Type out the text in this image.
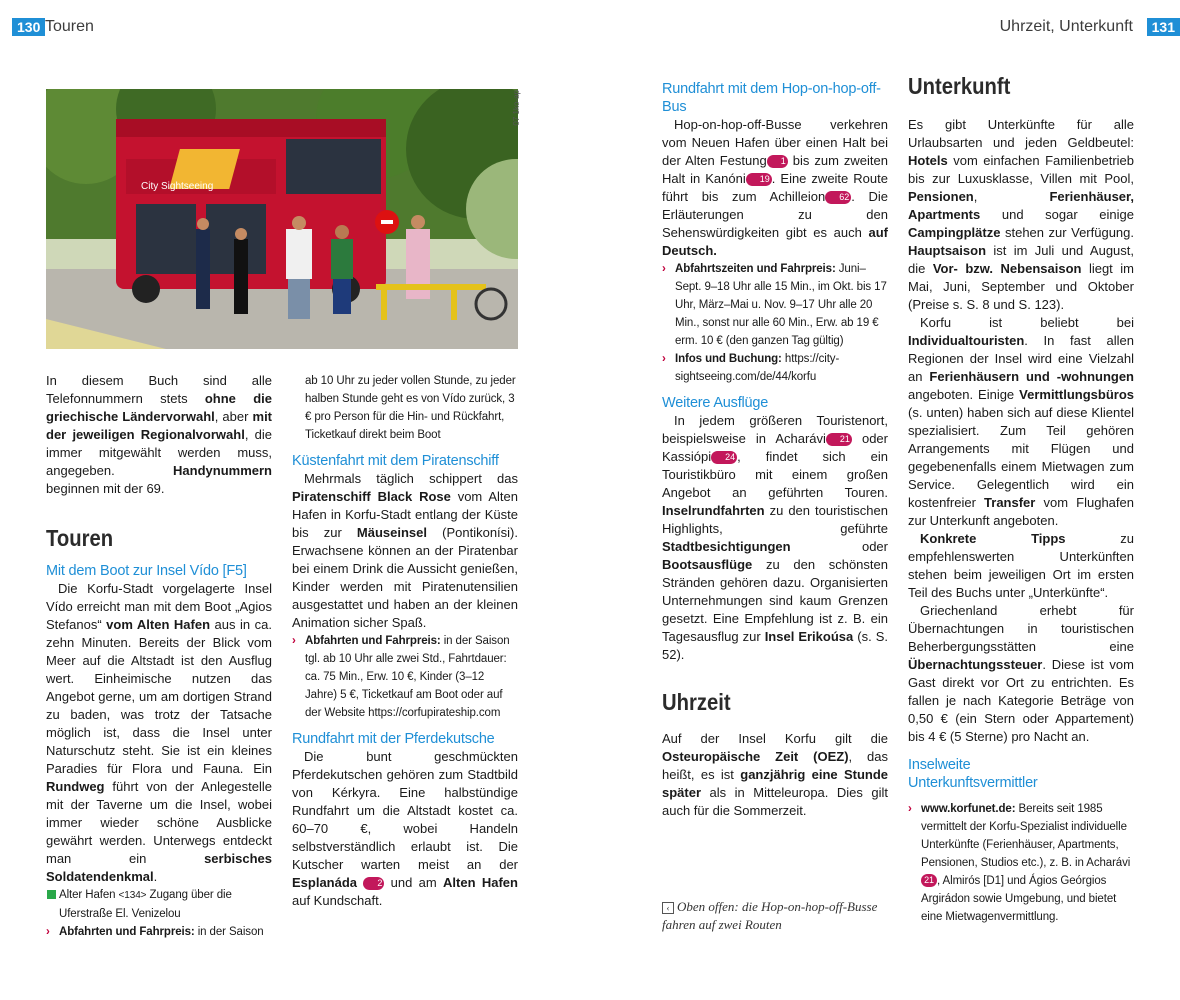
130 Touren	Uhrzeit, Unterkunft	131
City Sightseeing
07 1ko-ap

In diesem Buch sind alle Telefonnummern stets ohne die griechische Ländervorwahl, aber mit der jeweiligen Regionalvorwahl, die immer mitgewählt werden muss, angegeben. Handynummern beginnen mit der 69.

Touren
Mit dem Boot zur Insel Vído [F5]

Die Korfu-Stadt vorgelagerte Insel Vído erreicht man mit dem Boot „Agios Stefanos“ vom Alten Hafen aus in ca. zehn Minuten. Bereits der Blick vom Meer auf die Altstadt ist den Ausflug wert. Einheimische nutzen das Angebot gerne, um am dortigen Strand zu baden, was trotz der Tatsache möglich ist, dass die Insel unter Naturschutz steht. Sie ist ein kleines Paradies für Flora und Fauna. Ein Rundweg führt von der Anlegestelle mit der Taverne um die Insel, wobei immer wieder schöne Ausblicke gewährt werden. Unterwegs entdeckt man ein serbisches Soldatendenkmal.

Alter Hafen <134> Zugang über die Uferstraße El. Venizelou
› Abfahrten und Fahrpreis: in der Saison
ab 10 Uhr zu jeder vollen Stunde, zu jeder halben Stunde geht es von Vído zurück, 3 € pro Person für die Hin- und Rückfahrt, Ticketkauf direkt beim Boot
Küstenfahrt mit dem Piratenschiff

Mehrmals täglich schippert das Piratenschiff Black Rose vom Alten Hafen in Korfu-Stadt entlang der Küste bis zur Mäuseinsel (Pontikonísi). Erwachsene können an der Piratenbar bei einem Drink die Aussicht genießen, Kinder werden mit Piratenutensilien ausgestattet und haben an der kleinen Animation sicher Spaß.

› Abfahrten und Fahrpreis: in der Saison tgl. ab 10 Uhr alle zwei Std., Fahrtdauer: ca. 75 Min., Erw. 10 €, Kinder (3–12 Jahre) 5 €, Ticketkauf am Boot oder auf der Website https://corfupirateship.com
Rundfahrt mit der Pferdekutsche

Die bunt geschmückten Pferdekutschen gehören zum Stadtbild von Kérkyra. Eine halbstündige Rundfahrt um die Altstadt kostet ca. 60–70 €, wobei Handeln selbstverständlich erlaubt ist. Die Kutscher warten meist an der Esplanáda 2 und am Alten Hafen auf Kundschaft.

Rundfahrt mit dem Hop-on-hop-off-Bus

Hop-on-hop-off-Busse verkehren vom Neuen Hafen über einen Halt bei der Alten Festung 1 bis zum zweiten Halt in Kanóni 19 . Eine zweite Route führt bis zum Achilleion 62 . Die Erläuterungen zu den Sehenswürdigkeiten gibt es auch auf Deutsch.

› Abfahrtszeiten und Fahrpreis: Juni–Sept. 9–18 Uhr alle 15 Min., im Okt. bis 17 Uhr, März–Mai u. Nov. 9–17 Uhr alle 20 Min., sonst nur alle 60 Min., Erw. ab 19 € erm. 10 € (den ganzen Tag gültig)
› Infos und Buchung: https://city-sightseeing.com/de/44/korfu
Weitere Ausflüge

In jedem größeren Touristenort, beispielsweise in Acharávi 21 oder Kassiópi 24 , findet sich ein Touristikbüro mit einem großen Angebot an geführten Touren. Inselrundfahrten zu den touristischen Highlights, geführte Stadtbesichtigungen oder Bootsausflüge zu den schönsten Stränden gehören dazu. Organisierten Unternehmungen sind kaum Grenzen gesetzt. Eine Empfehlung ist z. B. ein Tagesausflug zur Insel Erikoúsa (s. S. 52).

Uhrzeit

Auf der Insel Korfu gilt die Osteuropäische Zeit (OEZ), das heißt, es ist ganzjährig eine Stunde später als in Mitteleuropa. Dies gilt auch für die Sommerzeit.

‹ Oben offen: die Hop-on-hop-off-Busse fahren auf zwei Routen
Unterkunft

Es gibt Unterkünfte für alle Urlaubsarten und jeden Geldbeutel: Hotels vom einfachen Familienbetrieb bis zur Luxusklasse, Villen mit Pool, Pensionen, Ferienhäuser, Apartments und sogar einige Campingplätze stehen zur Verfügung. Hauptsaison ist im Juli und August, die Vor- bzw. Nebensaison liegt im Mai, Juni, September und Oktober (Preise s. S. 8 und S. 123).

Korfu ist beliebt bei Individualtouristen. In fast allen Regionen der Insel wird eine Vielzahl an Ferienhäusern und -wohnungen angeboten. Einige Vermittlungsbüros (s. unten) haben sich auf diese Klientel spezialisiert. Zum Teil gehören Arrangements mit Flügen und gegebenenfalls einem Mietwagen zum Service. Gelegentlich wird ein kostenfreier Transfer vom Flughafen zur Unterkunft angeboten.

Konkrete Tipps zu empfehlenswerten Unterkünften stehen beim jeweiligen Ort im ersten Teil des Buchs unter „Unterkünfte“.

Griechenland erhebt für Übernachtungen in touristischen Beherbergungsstätten eine Übernachtungssteuer. Diese ist vom Gast direkt vor Ort zu entrichten. Es fallen je nach Kategorie Beträge von 0,50 € (ein Stern oder Appartement) bis 4 € (5 Sterne) pro Nacht an.

Inselweite Unterkunftsvermittler
› www.korfunet.de: Bereits seit 1985 vermittelt der Korfu-Spezialist individuelle Unterkünfte (Ferienhäuser, Apartments, Pensionen, Studios etc.), z. B. in Acharávi21 , Almirós [D1] und Ágios Geórgios Argirádon sowie Umgebung, und bietet eine Mietwagenvermittlung.
